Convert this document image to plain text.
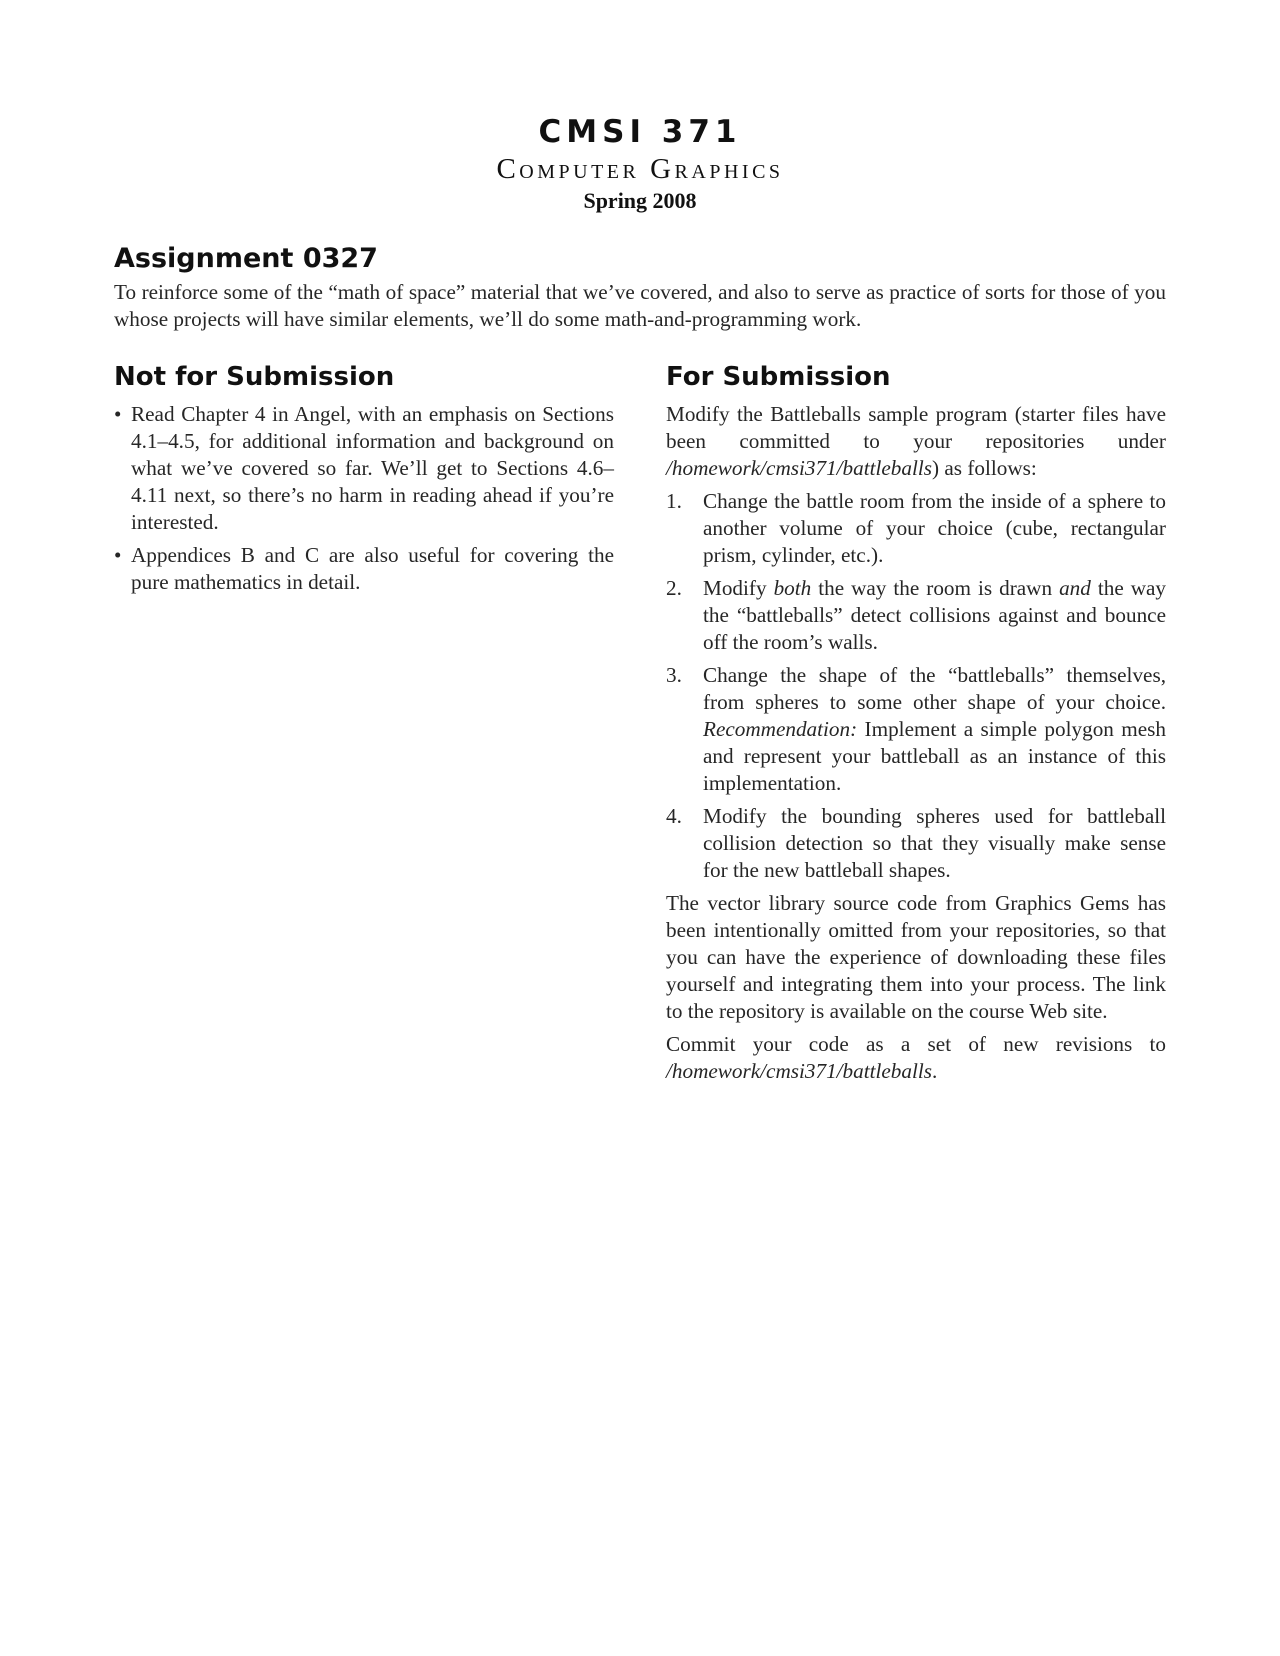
CMSI 371
Computer Graphics
Spring 2008
Assignment 0327

To reinforce some of the “math of space” material that we’ve covered, and also to serve as practice of sorts for those of you whose projects will have similar elements, we’ll do some math-and-programming work.

Not for Submission
• Read Chapter 4 in Angel, with an emphasis on Sections 4.1–4.5, for additional information and background on what we’ve covered so far. We’ll get to Sections 4.6–4.11 next, so there’s no harm in reading ahead if you’re interested.
• Appendices B and C are also useful for covering the pure mathematics in detail.
For Submission

Modify the Battleballs sample program (starter files have been committed to your repositories under /homework/cmsi371/battleballs) as follows:

1. Change the battle room from the inside of a sphere to another volume of your choice (cube, rectangular prism, cylinder, etc.).
2. Modify both the way the room is drawn and the way the “battleballs” detect collisions against and bounce off the room’s walls.
3. Change the shape of the “battleballs” themselves, from spheres to some other shape of your choice. Recommendation: Implement a simple polygon mesh and represent your battleball as an instance of this implementation.
4. Modify the bounding spheres used for battleball collision detection so that they visually make sense for the new battleball shapes.

The vector library source code from Graphics Gems has been intentionally omitted from your repositories, so that you can have the experience of downloading these files yourself and integrating them into your process. The link to the repository is available on the course Web site.

Commit your code as a set of new revisions to /homework/cmsi371/battleballs.
